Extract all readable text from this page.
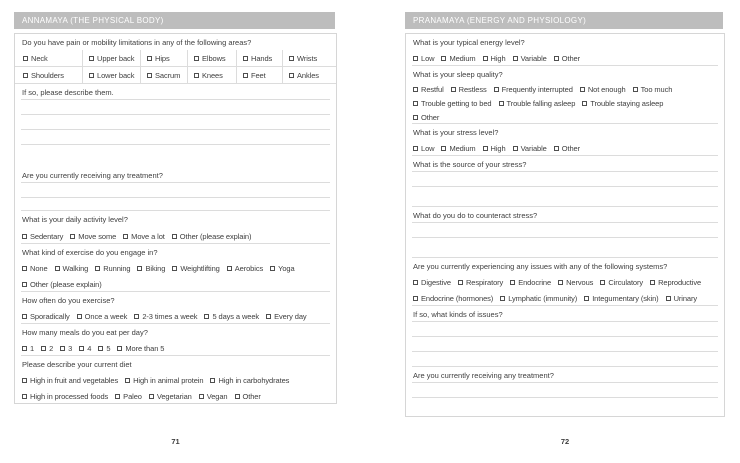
ANNAMAYA (THE PHYSICAL BODY)
Do you have pain or mobility limitations in any of the following areas?
Neck	Upper back	Hips	Elbows	Hands	Wrists
Shoulders	Lower back	Sacrum	Knees	Feet	Ankles
If so, please describe them.
Are you currently receiving any treatment?
What is your daily activity level?
Sedentary Move some Move a lot Other (please explain)
What kind of exercise do you engage in?
None Walking Running Biking Weightlifting Aerobics Yoga
Other (please explain)
How often do you exercise?
Sporadically Once a week 2-3 times a week 5 days a week Every day
How many meals do you eat per day?
1 2 3 4 5 More than 5
Please describe your current diet
High in fruit and vegetables High in animal protein High in carbohydrates
High in processed foods Paleo Vegetarian Vegan Other
71
PRANAMAYA (ENERGY AND PHYSIOLOGY)
What is your typical energy level?
Low Medium High Variable Other
What is your sleep quality?
Restful Restless Frequently interrupted Not enough Too much
Trouble getting to bed Trouble falling asleep Trouble staying asleep
Other
What is your stress level?
Low Medium High Variable Other
What is the source of your stress?
What do you do to counteract stress?
Are you currently experiencing any issues with any of the following systems?
Digestive Respiratory Endocrine Nervous Circulatory Reproductive
Endocrine (hormones) Lymphatic (immunity) Integumentary (skin) Urinary
If so, what kinds of issues?
Are you currently receiving any treatment?
72
